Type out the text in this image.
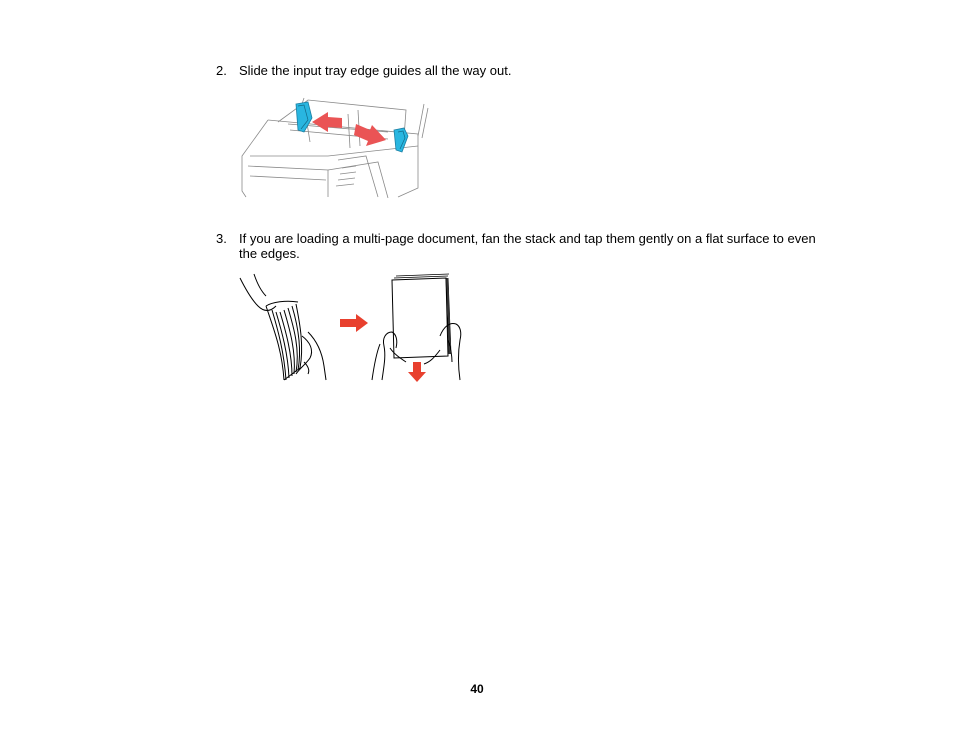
2. Slide the input tray edge guides all the way out.
3. If you are loading a multi-page document, fan the stack and tap them gently on a flat surface to even the edges.
40
